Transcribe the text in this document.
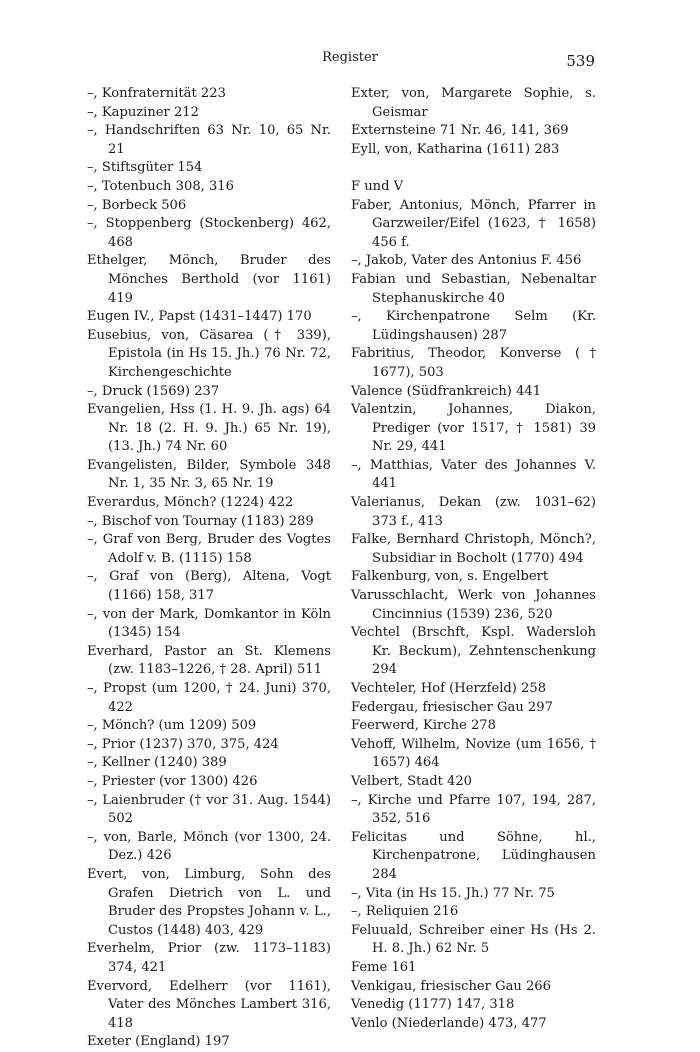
Register	539

–, Konfraternität 223

–, Kapuziner 212

–, Handschriften 63 Nr. 10, 65 Nr. 21

–, Stiftsgüter 154

–, Totenbuch 308, 316

–, Borbeck 506

–, Stoppenberg (Stockenberg) 462, 468

Ethelger, Mönch, Bruder des Mönches Berthold (vor 1161) 419

Eugen IV., Papst (1431–1447) 170

Eusebius, von, Cäsarea († 339), Epistola (in Hs 15. Jh.) 76 Nr. 72, Kirchengeschichte

–, Druck (1569) 237

Evangelien, Hss (1. H. 9. Jh. ags) 64 Nr. 18 (2. H. 9. Jh.) 65 Nr. 19), (13. Jh.) 74 Nr. 60

Evangelisten, Bilder, Symbole 348 Nr. 1, 35 Nr. 3, 65 Nr. 19

Everardus, Mönch? (1224) 422

–, Bischof von Tournay (1183) 289

–, Graf von Berg, Bruder des Vogtes Adolf v. B. (1115) 158

–, Graf von (Berg), Altena, Vogt (1166) 158, 317

–, von der Mark, Domkantor in Köln (1345) 154

Everhard, Pastor an St. Klemens (zw. 1183–1226, † 28. April) 511

–, Propst (um 1200, † 24. Juni) 370, 422

–, Mönch? (um 1209) 509

–, Prior (1237) 370, 375, 424

–, Kellner (1240) 389

–, Priester (vor 1300) 426

–, Laienbruder († vor 31. Aug. 1544) 502

–, von, Barle, Mönch (vor 1300, 24. Dez.) 426

Evert, von, Limburg, Sohn des Grafen Dietrich von L. und Bruder des Propstes Johann v. L., Custos (1448) 403, 429

Everhelm, Prior (zw. 1173–1183) 374, 421

Evervord, Edelherr (vor 1161), Vater des Mönches Lambert 316, 418

Exeter (England) 197

Exter, von, Margarete Sophie, s. Geismar

Externsteine 71 Nr. 46, 141, 369

Eyll, von, Katharina (1611) 283

F und V

Faber, Antonius, Mönch, Pfarrer in Garzweiler/Eifel (1623, † 1658) 456 f.

–, Jakob, Vater des Antonius F. 456

Fabian und Sebastian, Nebenaltar Stephanuskirche 40

–, Kirchenpatrone Selm (Kr. Lüdingshausen) 287

Fabritius, Theodor, Konverse († 1677), 503

Valence (Südfrankreich) 441

Valentzin, Johannes, Diakon, Prediger (vor 1517, † 1581) 39 Nr. 29, 441

–, Matthias, Vater des Johannes V. 441

Valerianus, Dekan (zw. 1031–62) 373 f., 413

Falke, Bernhard Christoph, Mönch?, Subsidiar in Bocholt (1770) 494

Falkenburg, von, s. Engelbert

Varusschlacht, Werk von Johannes Cincinnius (1539) 236, 520

Vechtel (Brschft, Kspl. Wadersloh Kr. Beckum), Zehntenschenkung 294

Vechteler, Hof (Herzfeld) 258

Federgau, friesischer Gau 297

Feerwerd, Kirche 278

Vehoff, Wilhelm, Novize (um 1656, † 1657) 464

Velbert, Stadt 420

–, Kirche und Pfarre 107, 194, 287, 352, 516

Felicitas und Söhne, hl., Kirchenpatrone, Lüdinghausen 284

–, Vita (in Hs 15. Jh.) 77 Nr. 75

–, Reliquien 216

Feluuald, Schreiber einer Hs (Hs 2. H. 8. Jh.) 62 Nr. 5

Feme 161

Venkigau, friesischer Gau 266

Venedig (1177) 147, 318

Venlo (Niederlande) 473, 477
